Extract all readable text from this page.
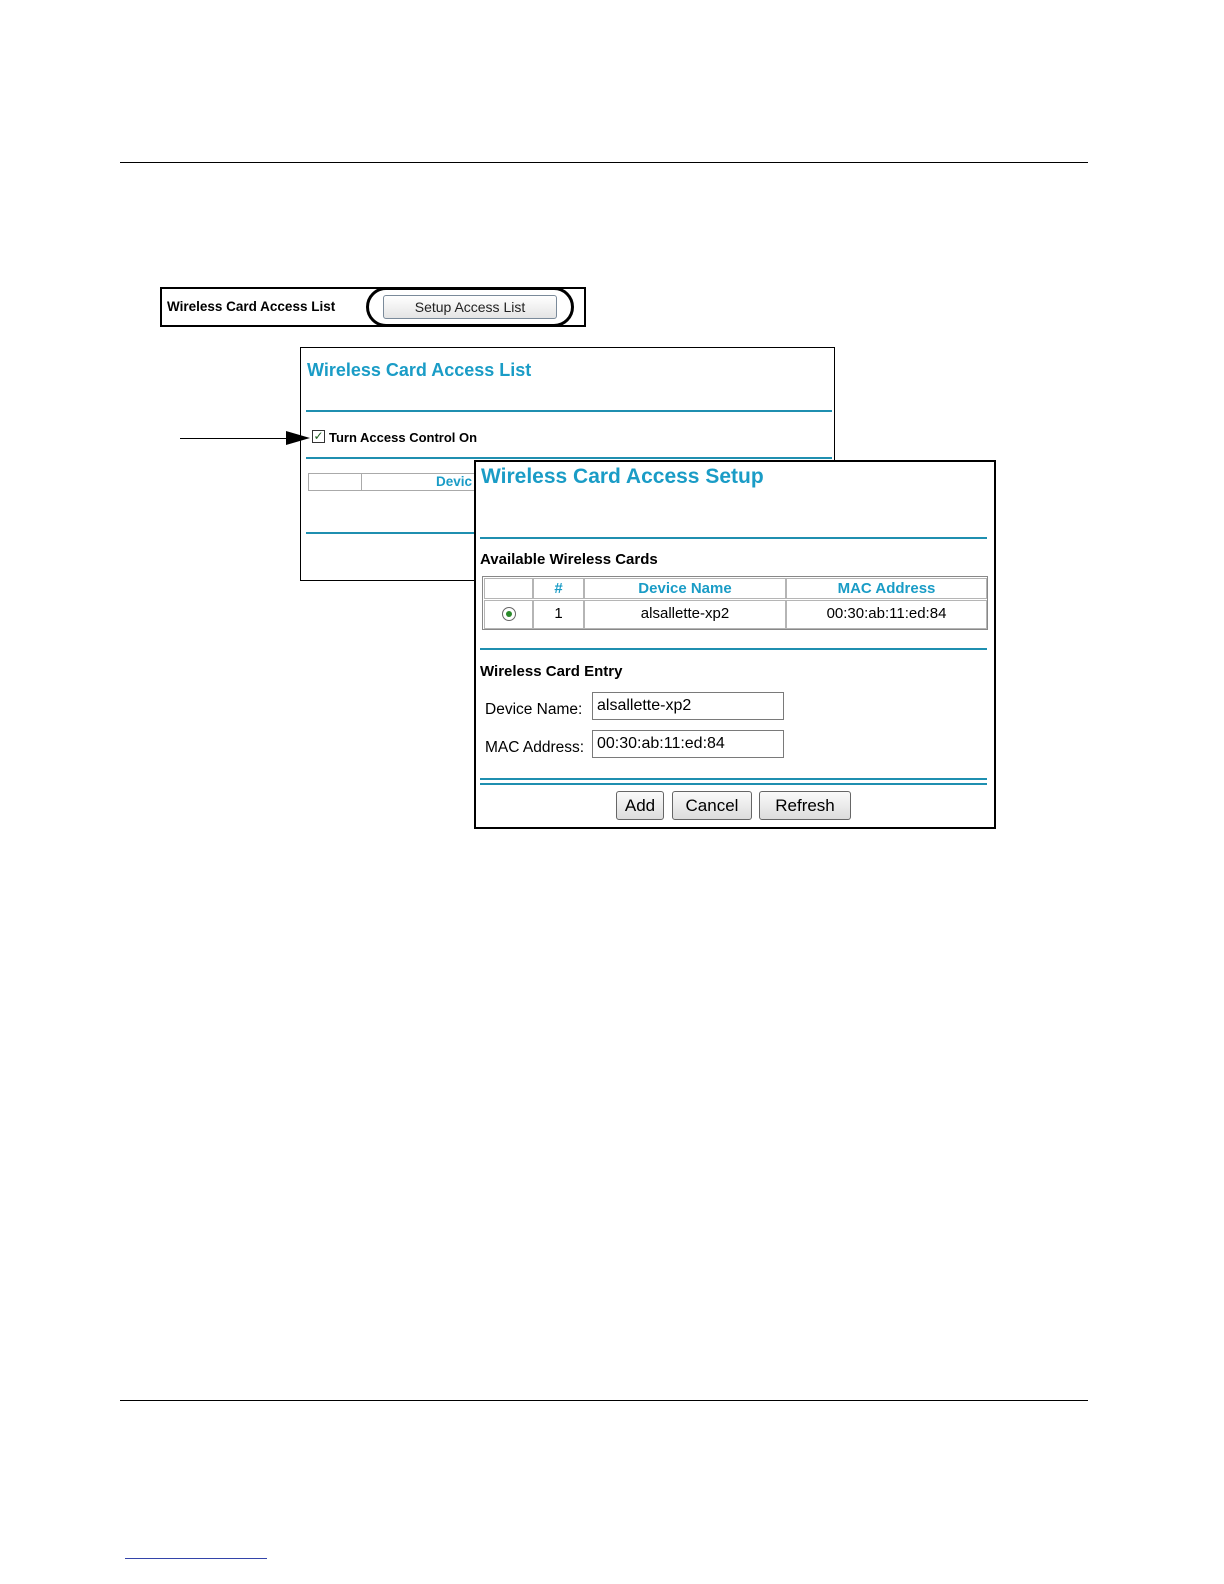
Wireless Card Access List	Setup Access List
Wireless Card Access List
✓ Turn Access Control On
Devic Wireless Card Access Setup
Available Wireless Cards
#	Device Name	MAC Address
1	alsallette-xp2	00:30:ab:11:ed:84
Wireless Card Entry
Device Name:
alsallette-xp2
MAC Address:
00:30:ab:11:ed:84
Add	Cancel	Refresh
